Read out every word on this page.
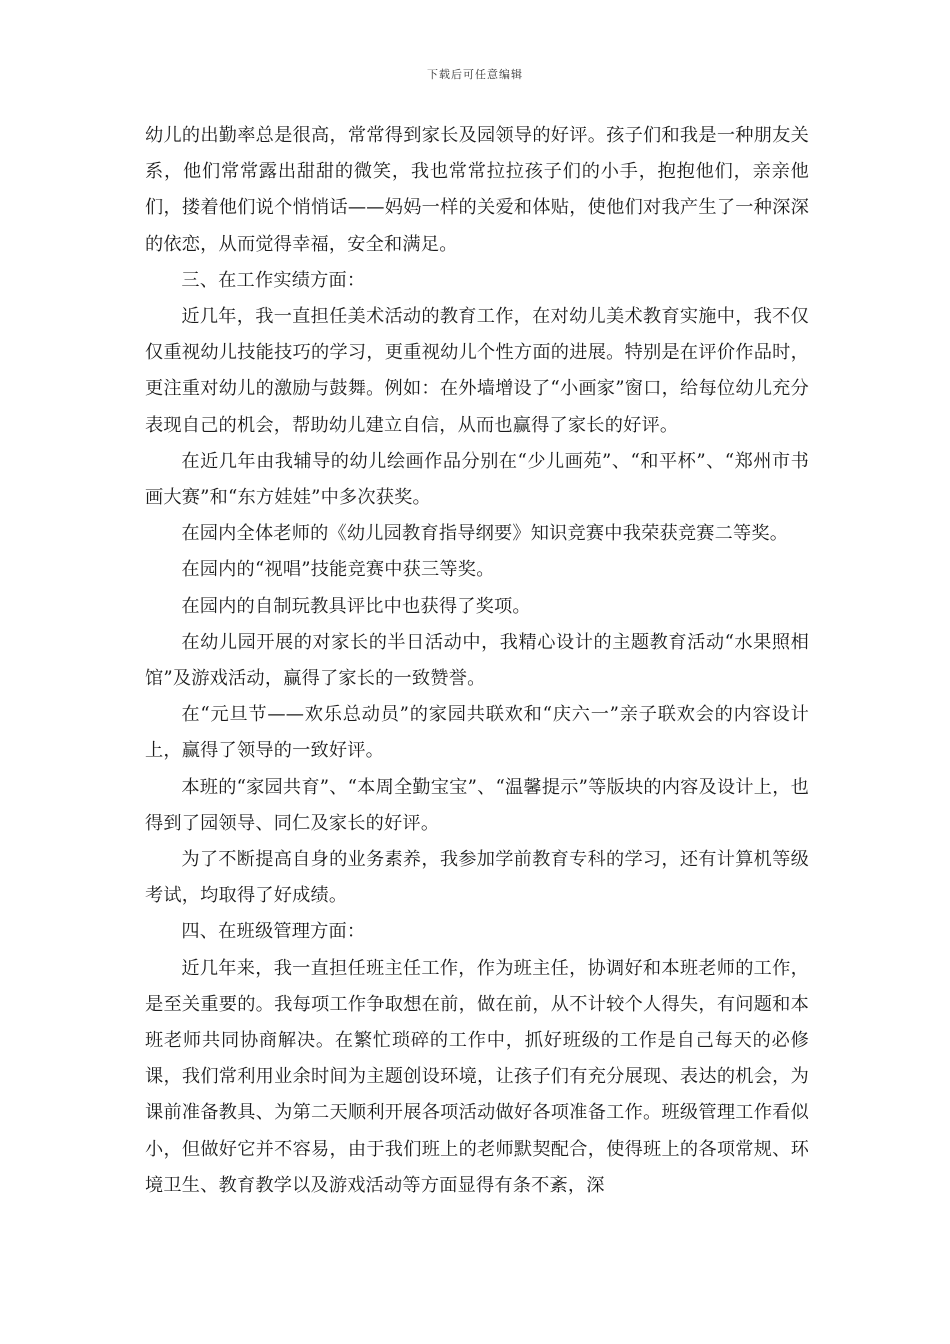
下载后可任意编辑

幼儿的出勤率总是很高，常常得到家长及园领导的好评。孩子们和我是一种朋友关系，他们常常露出甜甜的微笑，我也常常拉拉孩子们的小手，抱抱他们，亲亲他们，搂着他们说个悄悄话——妈妈一样的关爱和体贴，使他们对我产生了一种深深的依恋，从而觉得幸福，安全和满足。

三、在工作实绩方面：

近几年，我一直担任美术活动的教育工作，在对幼儿美术教育实施中，我不仅仅重视幼儿技能技巧的学习，更重视幼儿个性方面的进展。特别是在评价作品时，更注重对幼儿的激励与鼓舞。例如：在外墙增设了“小画家”窗口，给每位幼儿充分表现自己的机会，帮助幼儿建立自信，从而也赢得了家长的好评。

在近几年由我辅导的幼儿绘画作品分别在“少儿画苑”、“和平杯”、“郑州市书画大赛”和“东方娃娃”中多次获奖。

在园内全体老师的《幼儿园教育指导纲要》知识竞赛中我荣获竞赛二等奖。

在园内的“视唱”技能竞赛中获三等奖。

在园内的自制玩教具评比中也获得了奖项。

在幼儿园开展的对家长的半日活动中，我精心设计的主题教育活动“水果照相馆”及游戏活动，赢得了家长的一致赞誉。

在“元旦节——欢乐总动员”的家园共联欢和“庆六一”亲子联欢会的内容设计上，赢得了领导的一致好评。

本班的“家园共育”、“本周全勤宝宝”、“温馨提示”等版块的内容及设计上，也得到了园领导、同仁及家长的好评。

为了不断提高自身的业务素养，我参加学前教育专科的学习，还有计算机等级考试，均取得了好成绩。

四、在班级管理方面：

近几年来，我一直担任班主任工作，作为班主任，协调好和本班老师的工作，是至关重要的。我每项工作争取想在前，做在前，从不计较个人得失，有问题和本班老师共同协商解决。在繁忙琐碎的工作中，抓好班级的工作是自己每天的必修课，我们常利用业余时间为主题创设环境，让孩子们有充分展现、表达的机会，为课前准备教具、为第二天顺利开展各项活动做好各项准备工作。班级管理工作看似小，但做好它并不容易，由于我们班上的老师默契配合，使得班上的各项常规、环境卫生、教育教学以及游戏活动等方面显得有条不紊，深
